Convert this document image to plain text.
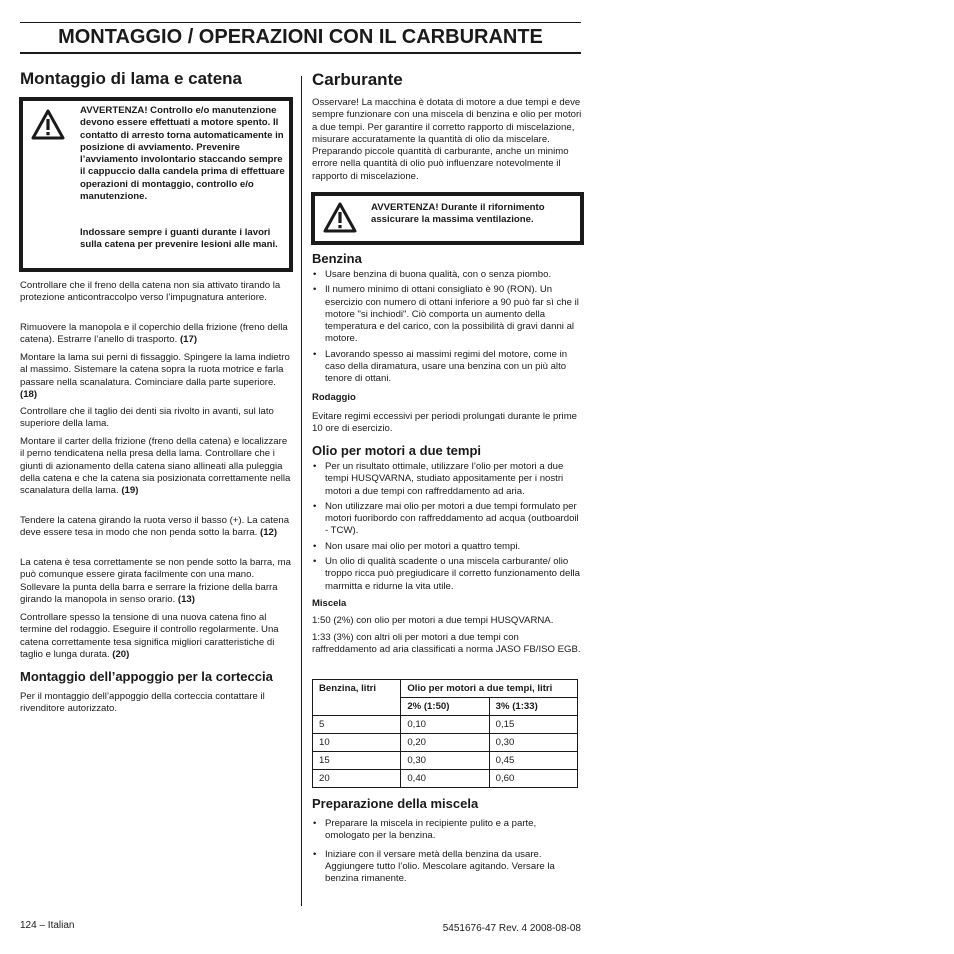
MONTAGGIO / OPERAZIONI CON IL CARBURANTE
Montaggio di lama e catena
AVVERTENZA! Controllo e/o manutenzione devono essere effettuati a motore spento. Il contatto di arresto torna automaticamente in posizione di avviamento. Prevenire l’avviamento involontario staccando sempre il cappuccio dalla candela prima di effettuare operazioni di montaggio, controllo e/o manutenzione.
Indossare sempre i guanti durante i lavori sulla catena per prevenire lesioni alle mani.

Controllare che il freno della catena non sia attivato tirando la protezione anticontraccolpo verso l’impugnatura anteriore.

Rimuovere la manopola e il coperchio della frizione (freno della catena). Estrarre l’anello di trasporto. (17)

Montare la lama sui perni di fissaggio. Spingere la lama indietro al massimo. Sistemare la catena sopra la ruota motrice e farla passare nella scanalatura. Cominciare dalla parte superiore. (18)

Controllare che il taglio dei denti sia rivolto in avanti, sul lato superiore della lama.

Montare il carter della frizione (freno della catena) e localizzare il perno tendicatena nella presa della lama. Controllare che i giunti di azionamento della catena siano allineati alla puleggia della catena e che la catena sia posizionata correttamente nella scanalatura della lama. (19)

Tendere la catena girando la ruota verso il basso (+). La catena deve essere tesa in modo che non penda sotto la barra. (12)

La catena è tesa correttamente se non pende sotto la barra, ma può comunque essere girata facilmente con una mano. Sollevare la punta della barra e serrare la frizione della barra girando la manopola in senso orario. (13)

Controllare spesso la tensione di una nuova catena fino al termine del rodaggio. Eseguire il controllo regolarmente. Una catena correttamente tesa significa migliori caratteristiche di taglio e lunga durata. (20)

Montaggio dell’appoggio per la corteccia

Per il montaggio dell’appoggio della corteccia contattare il rivenditore autorizzato.

Carburante

Osservare! La macchina è dotata di motore a due tempi e deve sempre funzionare con una miscela di benzina e olio per motori a due tempi. Per garantire il corretto rapporto di miscelazione, misurare accuratamente la quantità di olio da miscelare. Preparando piccole quantità di carburante, anche un minimo errore nella quantità di olio può influenzare notevolmente il rapporto di miscelazione.

AVVERTENZA! Durante il rifornimento assicurare la massima ventilazione.
Benzina
• Usare benzina di buona qualità, con o senza piombo.
• Il numero minimo di ottani consigliato è 90 (RON). Un esercizio con numero di ottani inferiore a 90 può far sì che il motore "si inchiodi". Ciò comporta un aumento della temperatura e del carico, con la possibilità di gravi danni al motore.
• Lavorando spesso ai massimi regimi del motore, come in caso della diramatura, usare una benzina con un più alto tenore di ottani.
Rodaggio

Evitare regimi eccessivi per periodi prolungati durante le prime 10 ore di esercizio.

Olio per motori a due tempi
• Per un risultato ottimale, utilizzare l’olio per motori a due tempi HUSQVARNA, studiato appositamente per i nostri motori a due tempi con raffreddamento ad aria.
• Non utilizzare mai olio per motori a due tempi formulato per motori fuoribordo con raffreddamento ad acqua (outboardoil - TCW).
• Non usare mai olio per motori a quattro tempi.
• Un olio di qualità scadente o una miscela carburante/ olio troppo ricca può pregiudicare il corretto funzionamento della marmitta e ridurne la vita utile.
Miscela

1:50 (2%) con olio per motori a due tempi HUSQVARNA.

1:33 (3%) con altri oli per motori a due tempi con raffreddamento ad aria classificati a norma JASO FB/ISO EGB.

Benzina, litri	Olio per motori a due tempi, litri	
	2% (1:50)	3% (1:33)
5	0,10	0,15
10	0,20	0,30
15	0,30	0,45
20	0,40	0,60
Preparazione della miscela
• Preparare la miscela in recipiente pulito e a parte, omologato per la benzina.
• Iniziare con il versare metà della benzina da usare. Aggiungere tutto l’olio. Mescolare agitando. Versare la benzina rimanente.
124 – Italian	5451676-47 Rev. 4 2008-08-08
